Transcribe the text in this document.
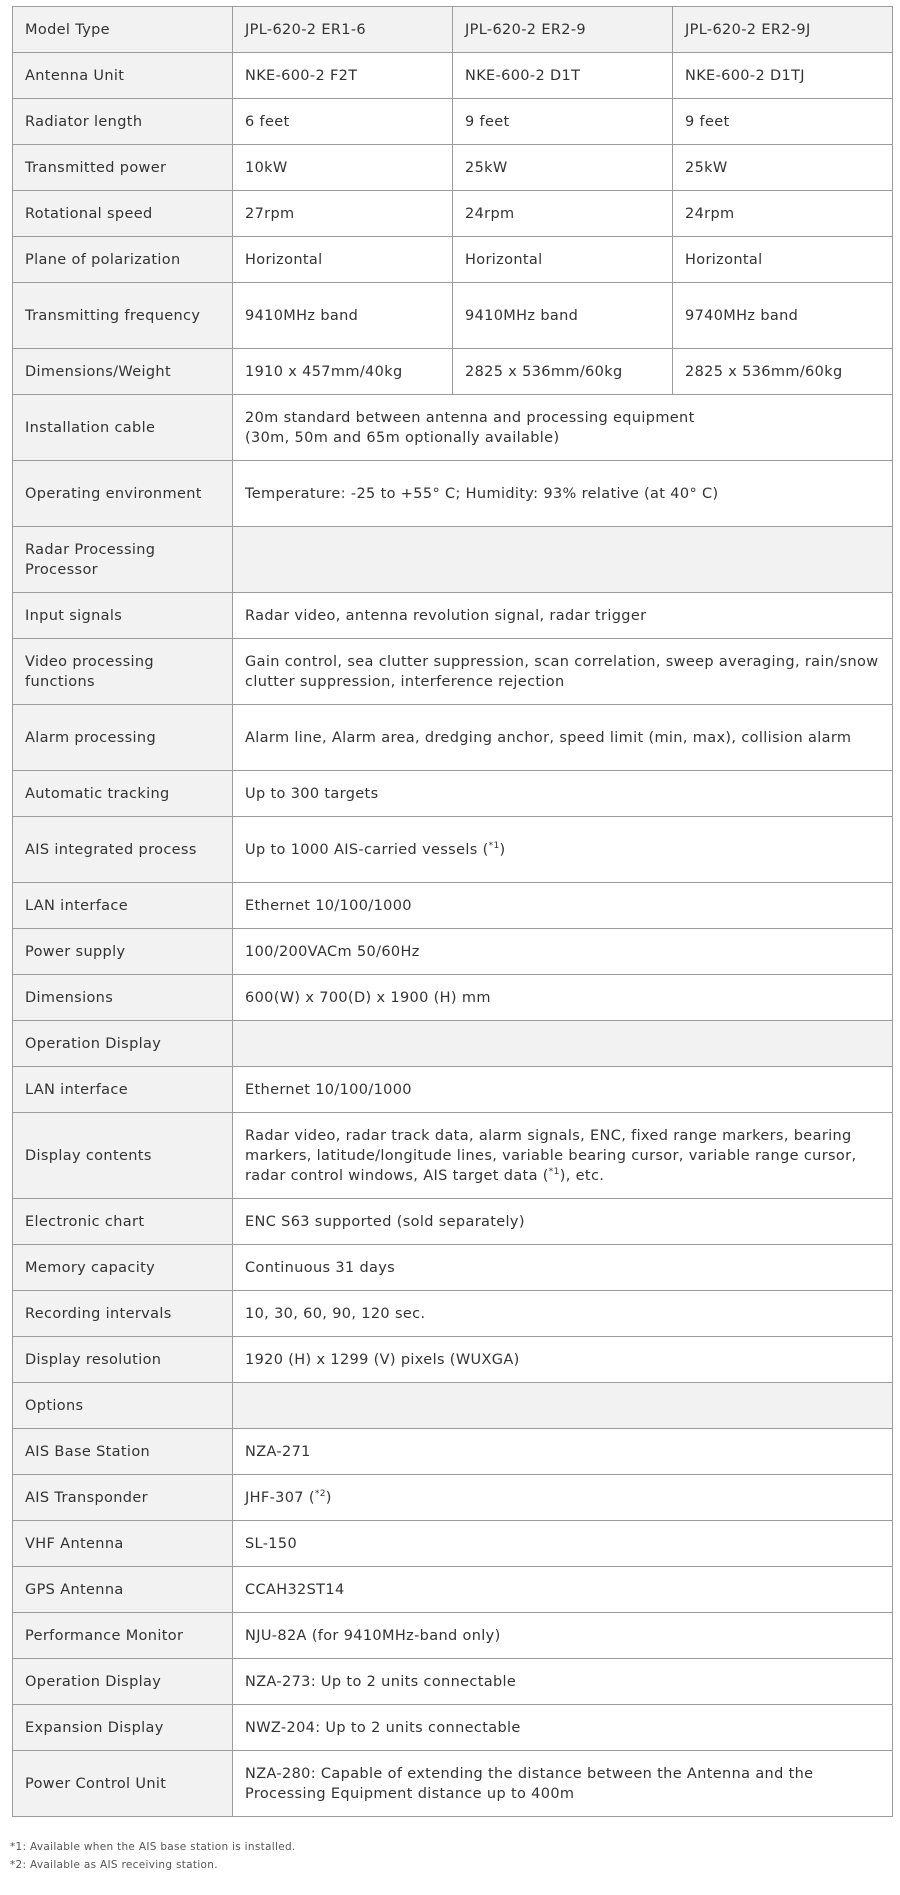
Model Type	JPL-620-2 ER1-6	JPL-620-2 ER2-9	JPL-620-2 ER2-9J
Antenna Unit	NKE-600-2 F2T	NKE-600-2 D1T	NKE-600-2 D1TJ
Radiator length	6 feet	9 feet	9 feet
Transmitted power	10kW	25kW	25kW
Rotational speed	27rpm	24rpm	24rpm
Plane of polarization	Horizontal	Horizontal	Horizontal
Transmitting frequency	9410MHz band	9410MHz band	9740MHz band
Dimensions/Weight	1910 x 457mm/40kg	2825 x 536mm/60kg	2825 x 536mm/60kg
Installation cable	20m standard between antenna and processing equipment
(30m, 50m and 65m optionally available)		
Operating environment	Temperature: -25 to +55° C; Humidity: 93% relative (at 40° C)		
Radar Processing Processor			
Input signals	Radar video, antenna revolution signal, radar trigger		
Video processing functions	Gain control, sea clutter suppression, scan correlation, sweep averaging, rain/snow clutter suppression, interference rejection		
Alarm processing	Alarm line, Alarm area, dredging anchor, speed limit (min, max), collision alarm		
Automatic tracking	Up to 300 targets		
AIS integrated process	Up to 1000 AIS-carried vessels ($^{*1}$)		
LAN interface	Ethernet 10/100/1000		
Power supply	100/200VACm 50/60Hz		
Dimensions	600(W) x 700(D) x 1900 (H) mm		
Operation Display			
LAN interface	Ethernet 10/100/1000		
Display contents	Radar video, radar track data, alarm signals, ENC, fixed range markers, bearing markers, latitude/longitude lines, variable bearing cursor, variable range cursor, radar control windows, AIS target data ($^{*1}$), etc.		
Electronic chart	ENC S63 supported (sold separately)		
Memory capacity	Continuous 31 days		
Recording intervals	10, 30, 60, 90, 120 sec.		
Display resolution	1920 (H) x 1299 (V) pixels (WUXGA)		
Options			
AIS Base Station	NZA-271		
AIS Transponder	JHF-307 ($^{*2}$)		
VHF Antenna	SL-150		
GPS Antenna	CCAH32ST14		
Performance Monitor	NJU-82A (for 9410MHz-band only)		
Operation Display	NZA-273: Up to 2 units connectable		
Expansion Display	NWZ-204: Up to 2 units connectable		
Power Control Unit	NZA-280: Capable of extending the distance between the Antenna and the Processing Equipment distance up to 400m		
*1: Available when the AIS base station is installed.
*2: Available as AIS receiving station.
